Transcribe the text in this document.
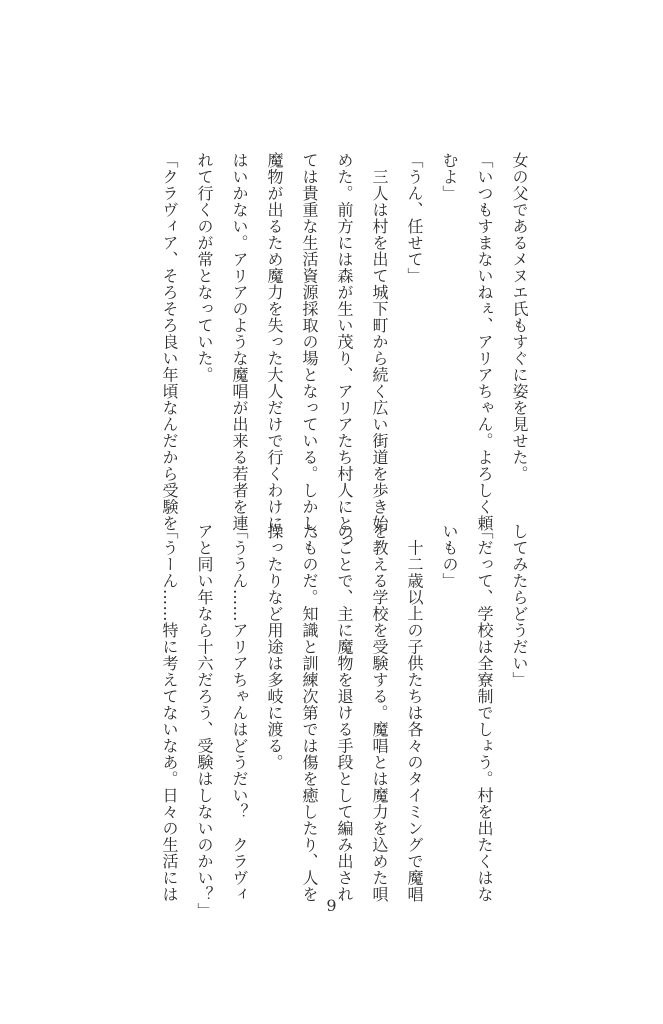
女の父であるメヌエ氏もすぐに姿を見せた。
「いつもすまないねぇ、アリアちゃん。よろしく頼
むよ」
「うん、任せて」
　三人は村を出て城下町から続く広い街道を歩き始
めた。前方には森が生い茂り、アリアたち村人にとっ
ては貴重な生活資源採取の場となっている。しかし、
魔物が出るため魔力を失った大人だけで行くわけに
はいかない。アリアのような魔唱が出来る若者を連
れて行くのが常となっていた。
「クラヴィア、そろそろ良い年頃なんだから受験を
してみたらどうだい」
「だって、学校は全寮制でしょう。村を出たくはな
いもの」
　十二歳以上の子供たちは各々のタイミングで魔唱
を教える学校を受験する。魔唱とは魔力を込めた唄
のことで、主に魔物を退ける手段として編み出され
たものだ。知識と訓練次第では傷を癒したり、人を
操ったりなど用途は多岐に渡る。
「ううん……アリアちゃんはどうだい？　クラヴィ
アと同い年なら十六だろう、受験はしないのかい？」
「うーん……特に考えてないなあ。日々の生活には
9
